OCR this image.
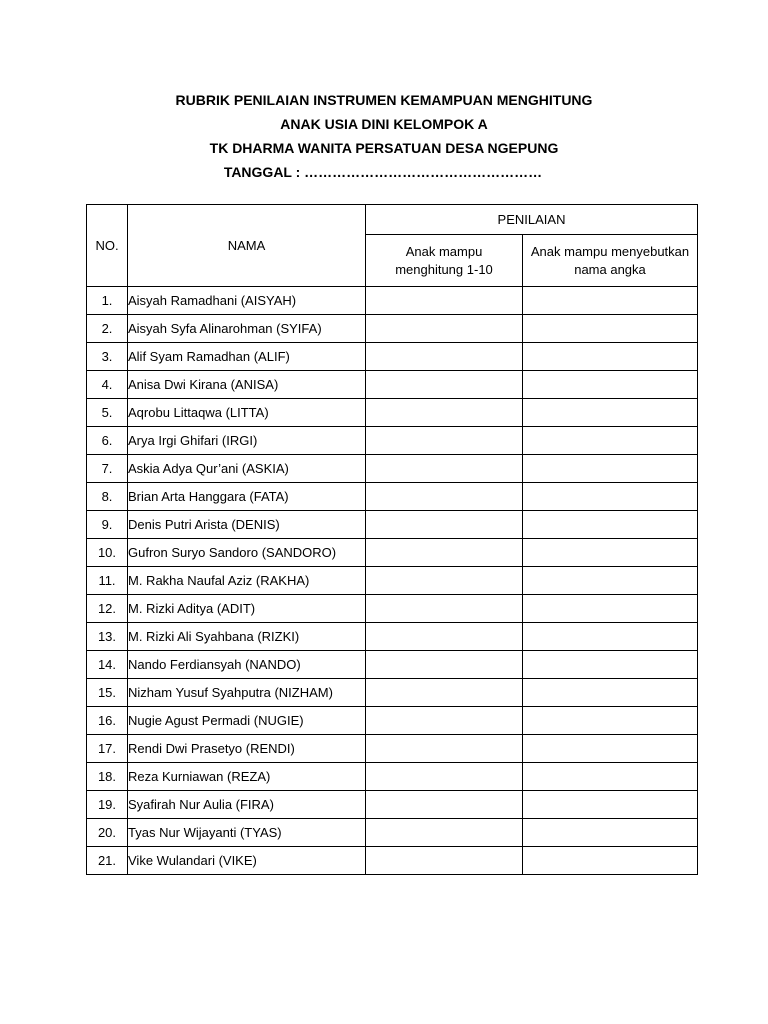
RUBRIK PENILAIAN INSTRUMEN KEMAMPUAN MENGHITUNG
ANAK USIA DINI KELOMPOK A
TK DHARMA WANITA PERSATUAN DESA NGEPUNG
TANGGAL : ……………………………………………
NO.	NAMA	PENILAIAN	

		Anak mampu menghitung 1-10	Anak mampu menyebutkan nama angka

1.	Aisyah Ramadhani (AISYAH)		
2.	Aisyah Syfa Alinarohman (SYIFA)		
3.	Alif Syam Ramadhan (ALIF)		
4.	Anisa Dwi Kirana (ANISA)		
5.	Aqrobu Littaqwa (LITTA)		
6.	Arya Irgi Ghifari (IRGI)		
7.	Askia Adya Qur’ani (ASKIA)		
8.	Brian Arta Hanggara (FATA)		
9.	Denis Putri Arista (DENIS)		
10.	Gufron Suryo Sandoro (SANDORO)		
11.	M. Rakha Naufal Aziz (RAKHA)		
12.	M. Rizki Aditya (ADIT)		
13.	M. Rizki Ali Syahbana (RIZKI)		
14.	Nando Ferdiansyah (NANDO)		
15.	Nizham Yusuf Syahputra (NIZHAM)		
16.	Nugie Agust Permadi (NUGIE)		
17.	Rendi Dwi Prasetyo (RENDI)		
18.	Reza Kurniawan (REZA)		
19.	Syafirah Nur Aulia (FIRA)		
20.	Tyas Nur Wijayanti (TYAS)		
21.	Vike Wulandari (VIKE)		
